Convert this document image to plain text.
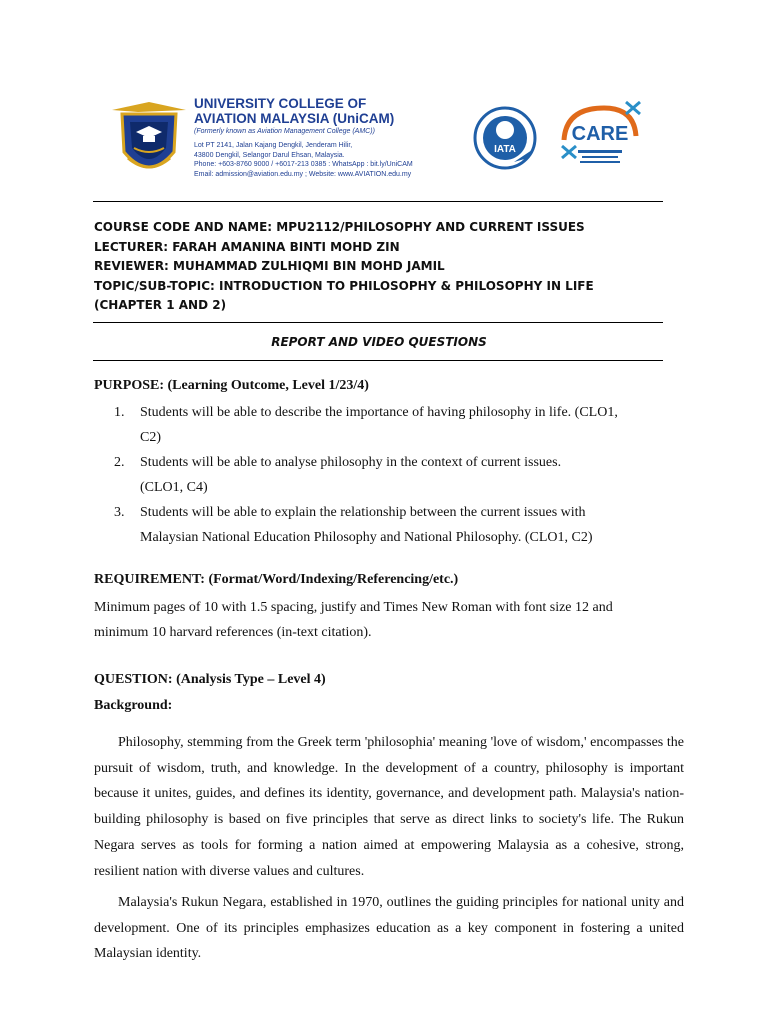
UNIVERSITY COLLEGE OF

AVIATION MALAYSIA (UniCAM)

(Formerly known as Aviation Management College (AMC))
Lot PT 2141, Jalan Kajang Dengkil, Jenderam Hilir,
43800 Dengkil, Selangor Darul Ehsan, Malaysia.
Phone: +603-8760 9000 / +6017-213 0385 : WhatsApp : bit.ly/UniCAM
Email: admission@aviation.edu.my ; Website: www.AVIATION.edu.my
IATA
CARE
COURSE CODE AND NAME: MPU2112/PHILOSOPHY AND CURRENT ISSUES
LECTURER: FARAH AMANINA BINTI MOHD ZIN
REVIEWER: MUHAMMAD ZULHIQMI BIN MOHD JAMIL
TOPIC/SUB-TOPIC: INTRODUCTION TO PHILOSOPHY & PHILOSOPHY IN LIFE
(CHAPTER 1 AND 2)
REPORT AND VIDEO QUESTIONS
PURPOSE: (Learning Outcome, Level 1/23/4)
1. Students will be able to describe the importance of having philosophy in life. (CLO1,
C2)
2. Students will be able to analyse philosophy in the context of current issues.
(CLO1, C4)
3. Students will be able to explain the relationship between the current issues with
Malaysian National Education Philosophy and National Philosophy. (CLO1, C2)
REQUIREMENT: (Format/Word/Indexing/Referencing/etc.)
Minimum pages of 10 with 1.5 spacing, justify and Times New Roman with font size 12 and
minimum 10 harvard references (in-text citation).
QUESTION: (Analysis Type – Level 4)
Background:
Philosophy, stemming from the Greek term 'philosophia' meaning 'love of wisdom,' encompasses the pursuit of wisdom, truth, and knowledge. In the development of a country, philosophy is important because it unites, guides, and defines its identity, governance, and development path. Malaysia's nation-building philosophy is based on five principles that serve as direct links to society's life. The Rukun Negara serves as tools for forming a nation aimed at empowering Malaysia as a cohesive, strong, resilient nation with diverse values and cultures.
Malaysia's Rukun Negara, established in 1970, outlines the guiding principles for national unity and development. One of its principles emphasizes education as a key component in fostering a united Malaysian identity.
